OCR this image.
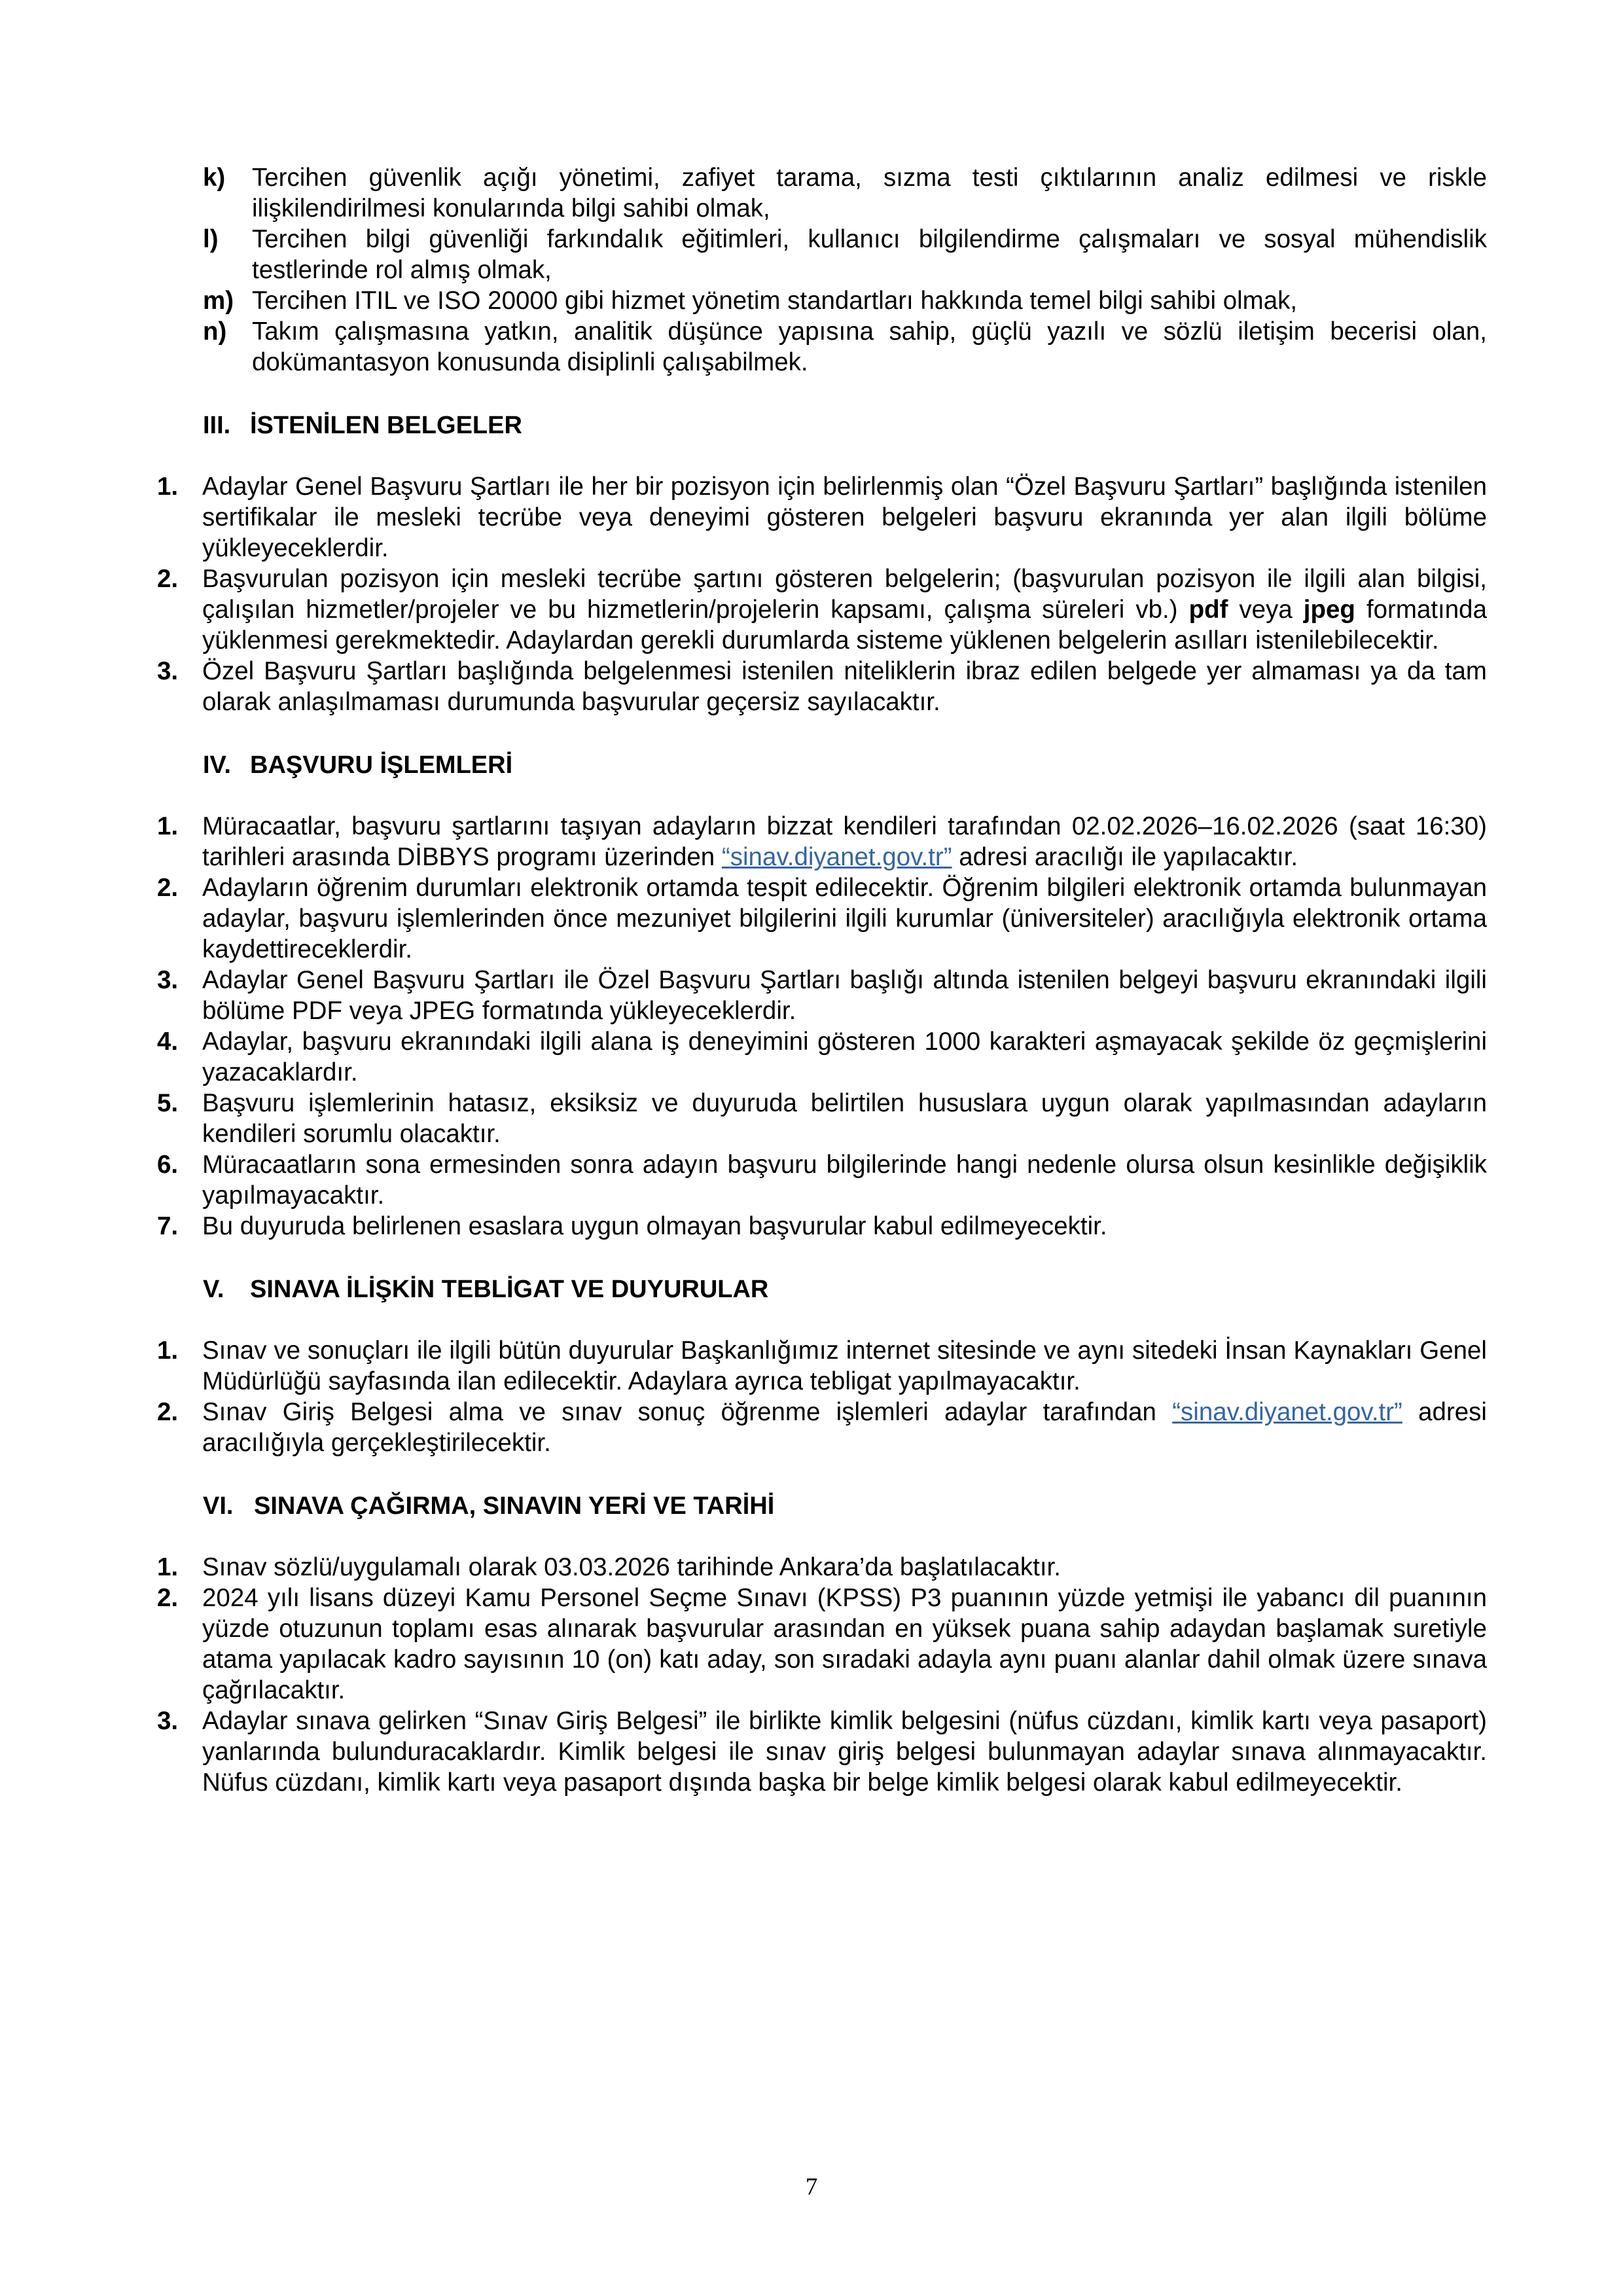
k)	Tercihen güvenlik açığı yönetimi, zafiyet tarama, sızma testi çıktılarının analiz edilmesi ve riskle ilişkilendirilmesi konularında bilgi sahibi olmak,
l)	Tercihen bilgi güvenliği farkındalık eğitimleri, kullanıcı bilgilendirme çalışmaları ve sosyal mühendislik testlerinde rol almış olmak,
m) Tercihen ITIL ve ISO 20000 gibi hizmet yönetim standartları hakkında temel bilgi sahibi olmak,
n)	Takım çalışmasına yatkın, analitik düşünce yapısına sahip, güçlü yazılı ve sözlü iletişim becerisi olan, dokümantasyon konusunda disiplinli çalışabilmek.
III. İSTENİLEN BELGELER
1. Adaylar Genel Başvuru Şartları ile her bir pozisyon için belirlenmiş olan “Özel Başvuru Şartları” başlığında istenilen sertifikalar ile mesleki tecrübe veya deneyimi gösteren belgeleri başvuru ekranında yer alan ilgili bölüme yükleyeceklerdir.
2. Başvurulan pozisyon için mesleki tecrübe şartını gösteren belgelerin; (başvurulan pozisyon ile ilgili alan bilgisi, çalışılan hizmetler/projeler ve bu hizmetlerin/projelerin kapsamı, çalışma süreleri vb.) pdf veya jpeg formatında yüklenmesi gerekmektedir. Adaylardan gerekli durumlarda sisteme yüklenen belgelerin asılları istenilebilecektir.
3. Özel Başvuru Şartları başlığında belgelenmesi istenilen niteliklerin ibraz edilen belgede yer almaması ya da tam olarak anlaşılmaması durumunda başvurular geçersiz sayılacaktır.
IV. BAŞVURU İŞLEMLERİ
1. Müracaatlar, başvuru şartlarını taşıyan adayların bizzat kendileri tarafından 02.02.2026–16.02.2026 (saat 16:30) tarihleri arasında DİBBYS programı üzerinden “sinav.diyanet.gov.tr” adresi aracılığı ile yapılacaktır.
2. Adayların öğrenim durumları elektronik ortamda tespit edilecektir. Öğrenim bilgileri elektronik ortamda bulunmayan adaylar, başvuru işlemlerinden önce mezuniyet bilgilerini ilgili kurumlar (üniversiteler) aracılığıyla elektronik ortama kaydettireceklerdir.
3. Adaylar Genel Başvuru Şartları ile Özel Başvuru Şartları başlığı altında istenilen belgeyi başvuru ekranındaki ilgili bölüme PDF veya JPEG formatında yükleyeceklerdir.
4. Adaylar, başvuru ekranındaki ilgili alana iş deneyimini gösteren 1000 karakteri aşmayacak şekilde öz geçmişlerini yazacaklardır.
5. Başvuru işlemlerinin hatasız, eksiksiz ve duyuruda belirtilen hususlara uygun olarak yapılmasından adayların kendileri sorumlu olacaktır.
6. Müracaatların sona ermesinden sonra adayın başvuru bilgilerinde hangi nedenle olursa olsun kesinlikle değişiklik yapılmayacaktır.
7. Bu duyuruda belirlenen esaslara uygun olmayan başvurular kabul edilmeyecektir.
V.	SINAVA İLİŞKİN TEBLİGAT VE DUYURULAR
1. Sınav ve sonuçları ile ilgili bütün duyurular Başkanlığımız internet sitesinde ve aynı sitedeki İnsan Kaynakları Genel Müdürlüğü sayfasında ilan edilecektir. Adaylara ayrıca tebligat yapılmayacaktır.
2. Sınav Giriş Belgesi alma ve sınav sonuç öğrenme işlemleri adaylar tarafından “sinav.diyanet.gov.tr” adresi aracılığıyla gerçekleştirilecektir.
VI. SINAVA ÇAĞIRMA, SINAVIN YERİ VE TARİHİ
1. Sınav sözlü/uygulamalı olarak 03.03.2026 tarihinde Ankara’da başlatılacaktır.
2. 2024 yılı lisans düzeyi Kamu Personel Seçme Sınavı (KPSS) P3 puanının yüzde yetmişi ile yabancı dil puanının yüzde otuzunun toplamı esas alınarak başvurular arasından en yüksek puana sahip adaydan başlamak suretiyle atama yapılacak kadro sayısının 10 (on) katı aday, son sıradaki adayla aynı puanı alanlar dahil olmak üzere sınava çağrılacaktır.
3. Adaylar sınava gelirken “Sınav Giriş Belgesi” ile birlikte kimlik belgesini (nüfus cüzdanı, kimlik kartı veya pasaport) yanlarında bulunduracaklardır. Kimlik belgesi ile sınav giriş belgesi bulunmayan adaylar sınava alınmayacaktır. Nüfus cüzdanı, kimlik kartı veya pasaport dışında başka bir belge kimlik belgesi olarak kabul edilmeyecektir.
7
